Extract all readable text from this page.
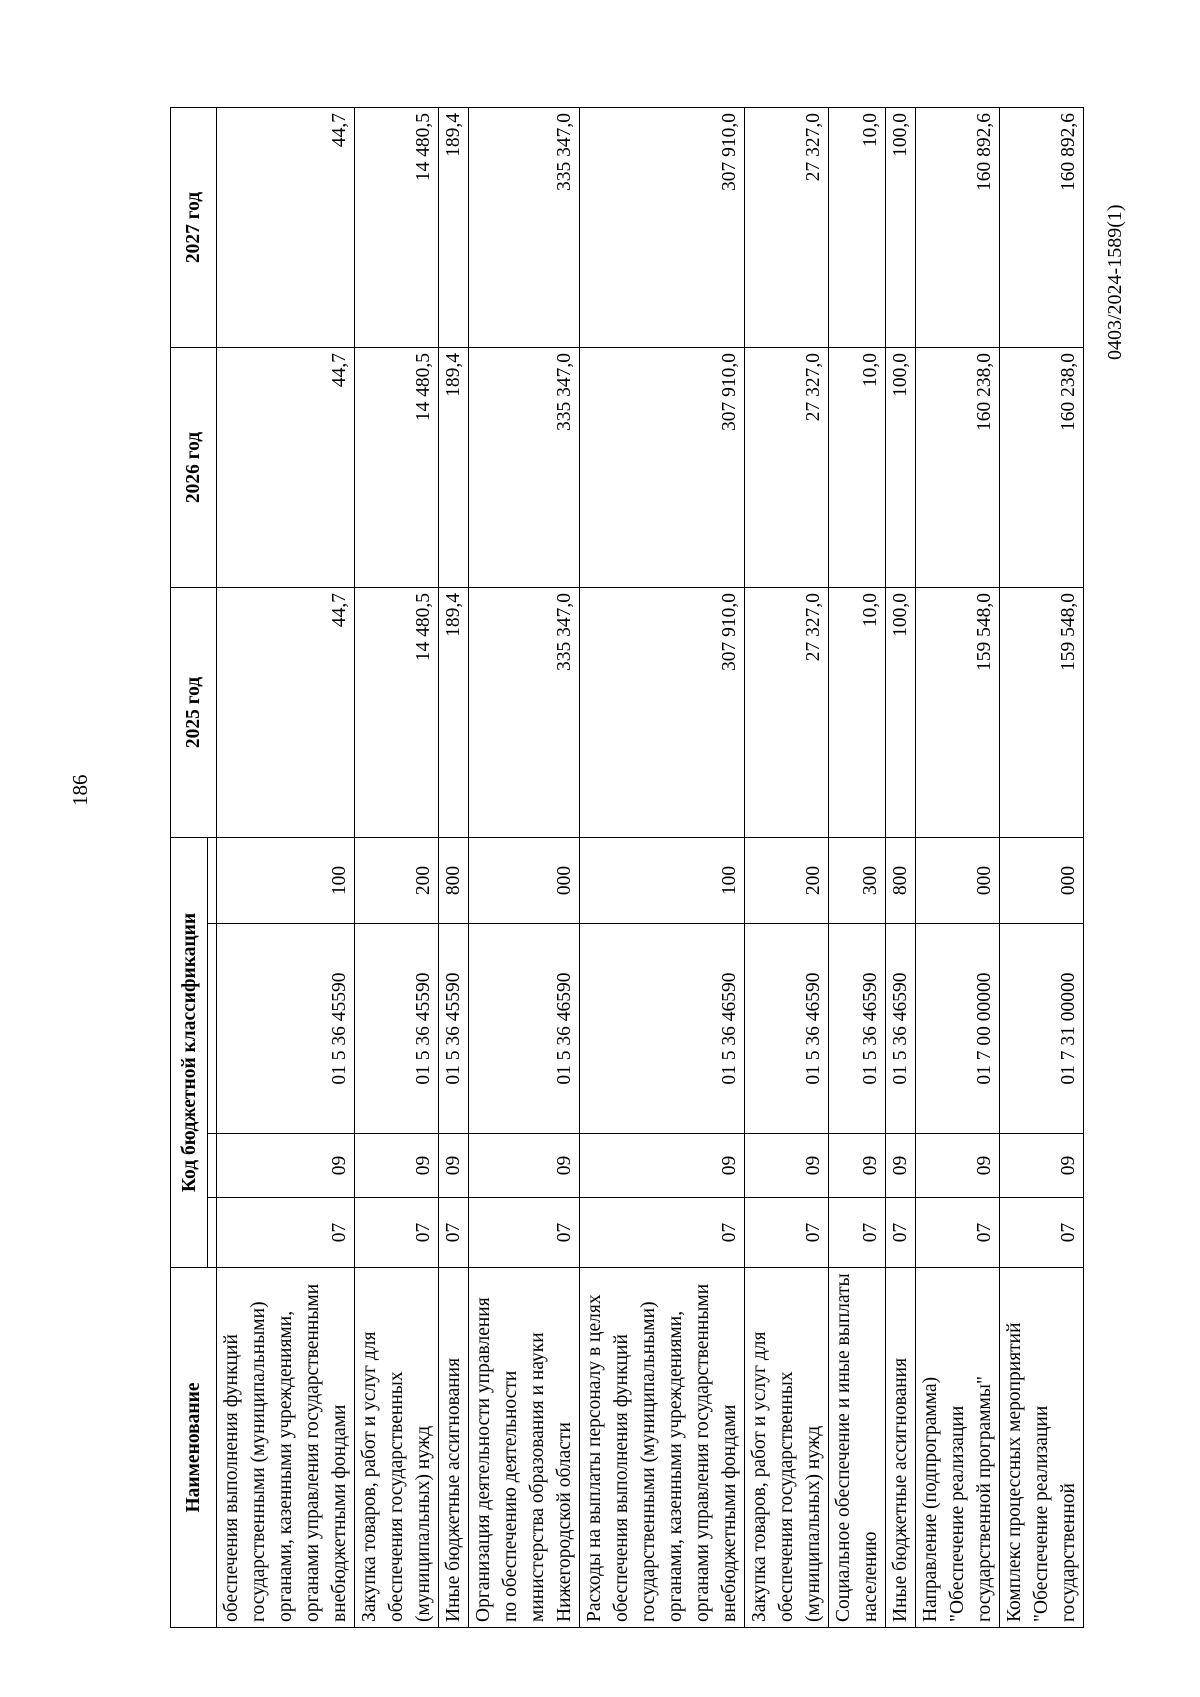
186
0403/2024-1589(1)
Наименование	Код бюджетной классификации				2025 год	2026 год	2027 год

обеспечения выполнения функций государственными (муниципальными) органами, казенными учреждениями, органами управления государственными внебюджетными фондами	07	09	01 5 36 45590	100	44,7	44,7	44,7
Закупка товаров, работ и услуг для обеспечения государственных (муниципальных) нужд	07	09	01 5 36 45590	200	14 480,5	14 480,5	14 480,5
Иные бюджетные ассигнования	07	09	01 5 36 45590	800	189,4	189,4	189,4
Организация деятельности управления по обеспечению деятельности министерства образования и науки Нижегородской области	07	09	01 5 36 46590	000	335 347,0	335 347,0	335 347,0
Расходы на выплаты персоналу в целях обеспечения выполнения функций государственными (муниципальными) органами, казенными учреждениями, органами управления государственными внебюджетными фондами	07	09	01 5 36 46590	100	307 910,0	307 910,0	307 910,0
Закупка товаров, работ и услуг для обеспечения государственных (муниципальных) нужд	07	09	01 5 36 46590	200	27 327,0	27 327,0	27 327,0
Социальное обеспечение и иные выплаты населению	07	09	01 5 36 46590	300	10,0	10,0	10,0
Иные бюджетные ассигнования	07	09	01 5 36 46590	800	100,0	100,0	100,0
Направление (подпрограмма) "Обеспечение реализации государственной программы"	07	09	01 7 00 00000	000	159 548,0	160 238,0	160 892,6
Комплекс процессных мероприятий "Обеспечение реализации государственной	07	09	01 7 31 00000	000	159 548,0	160 238,0	160 892,6
